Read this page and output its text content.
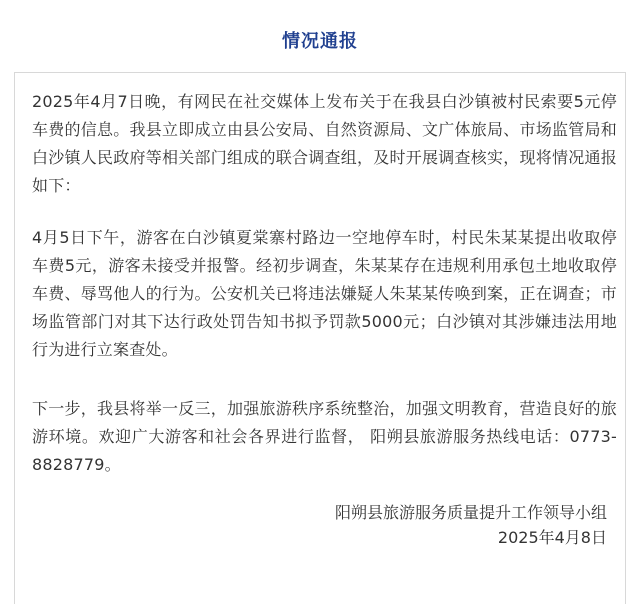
情况通报

2025年4月7日晚，有网民在社交媒体上发布关于在我县白沙镇被村民索要5元停车费的信息。我县立即成立由县公安局、自然资源局、文广体旅局、市场监管局和白沙镇人民政府等相关部门组成的联合调查组，及时开展调查核实，现将情况通报如下：

4月5日下午，游客在白沙镇夏棠寨村路边一空地停车时，村民朱某某提出收取停车费5元，游客未接受并报警。经初步调查，朱某某存在违规利用承包土地收取停车费、辱骂他人的行为。公安机关已将违法嫌疑人朱某某传唤到案，正在调查；市场监管部门对其下达行政处罚告知书拟予罚款5000元；白沙镇对其涉嫌违法用地行为进行立案查处。

下一步，我县将举一反三，加强旅游秩序系统整治，加强文明教育，营造良好的旅游环境。欢迎广大游客和社会各界进行监督， 阳朔县旅游服务热线电话：0773-8828779。

阳朔县旅游服务质量提升工作领导小组
2025年4月8日
